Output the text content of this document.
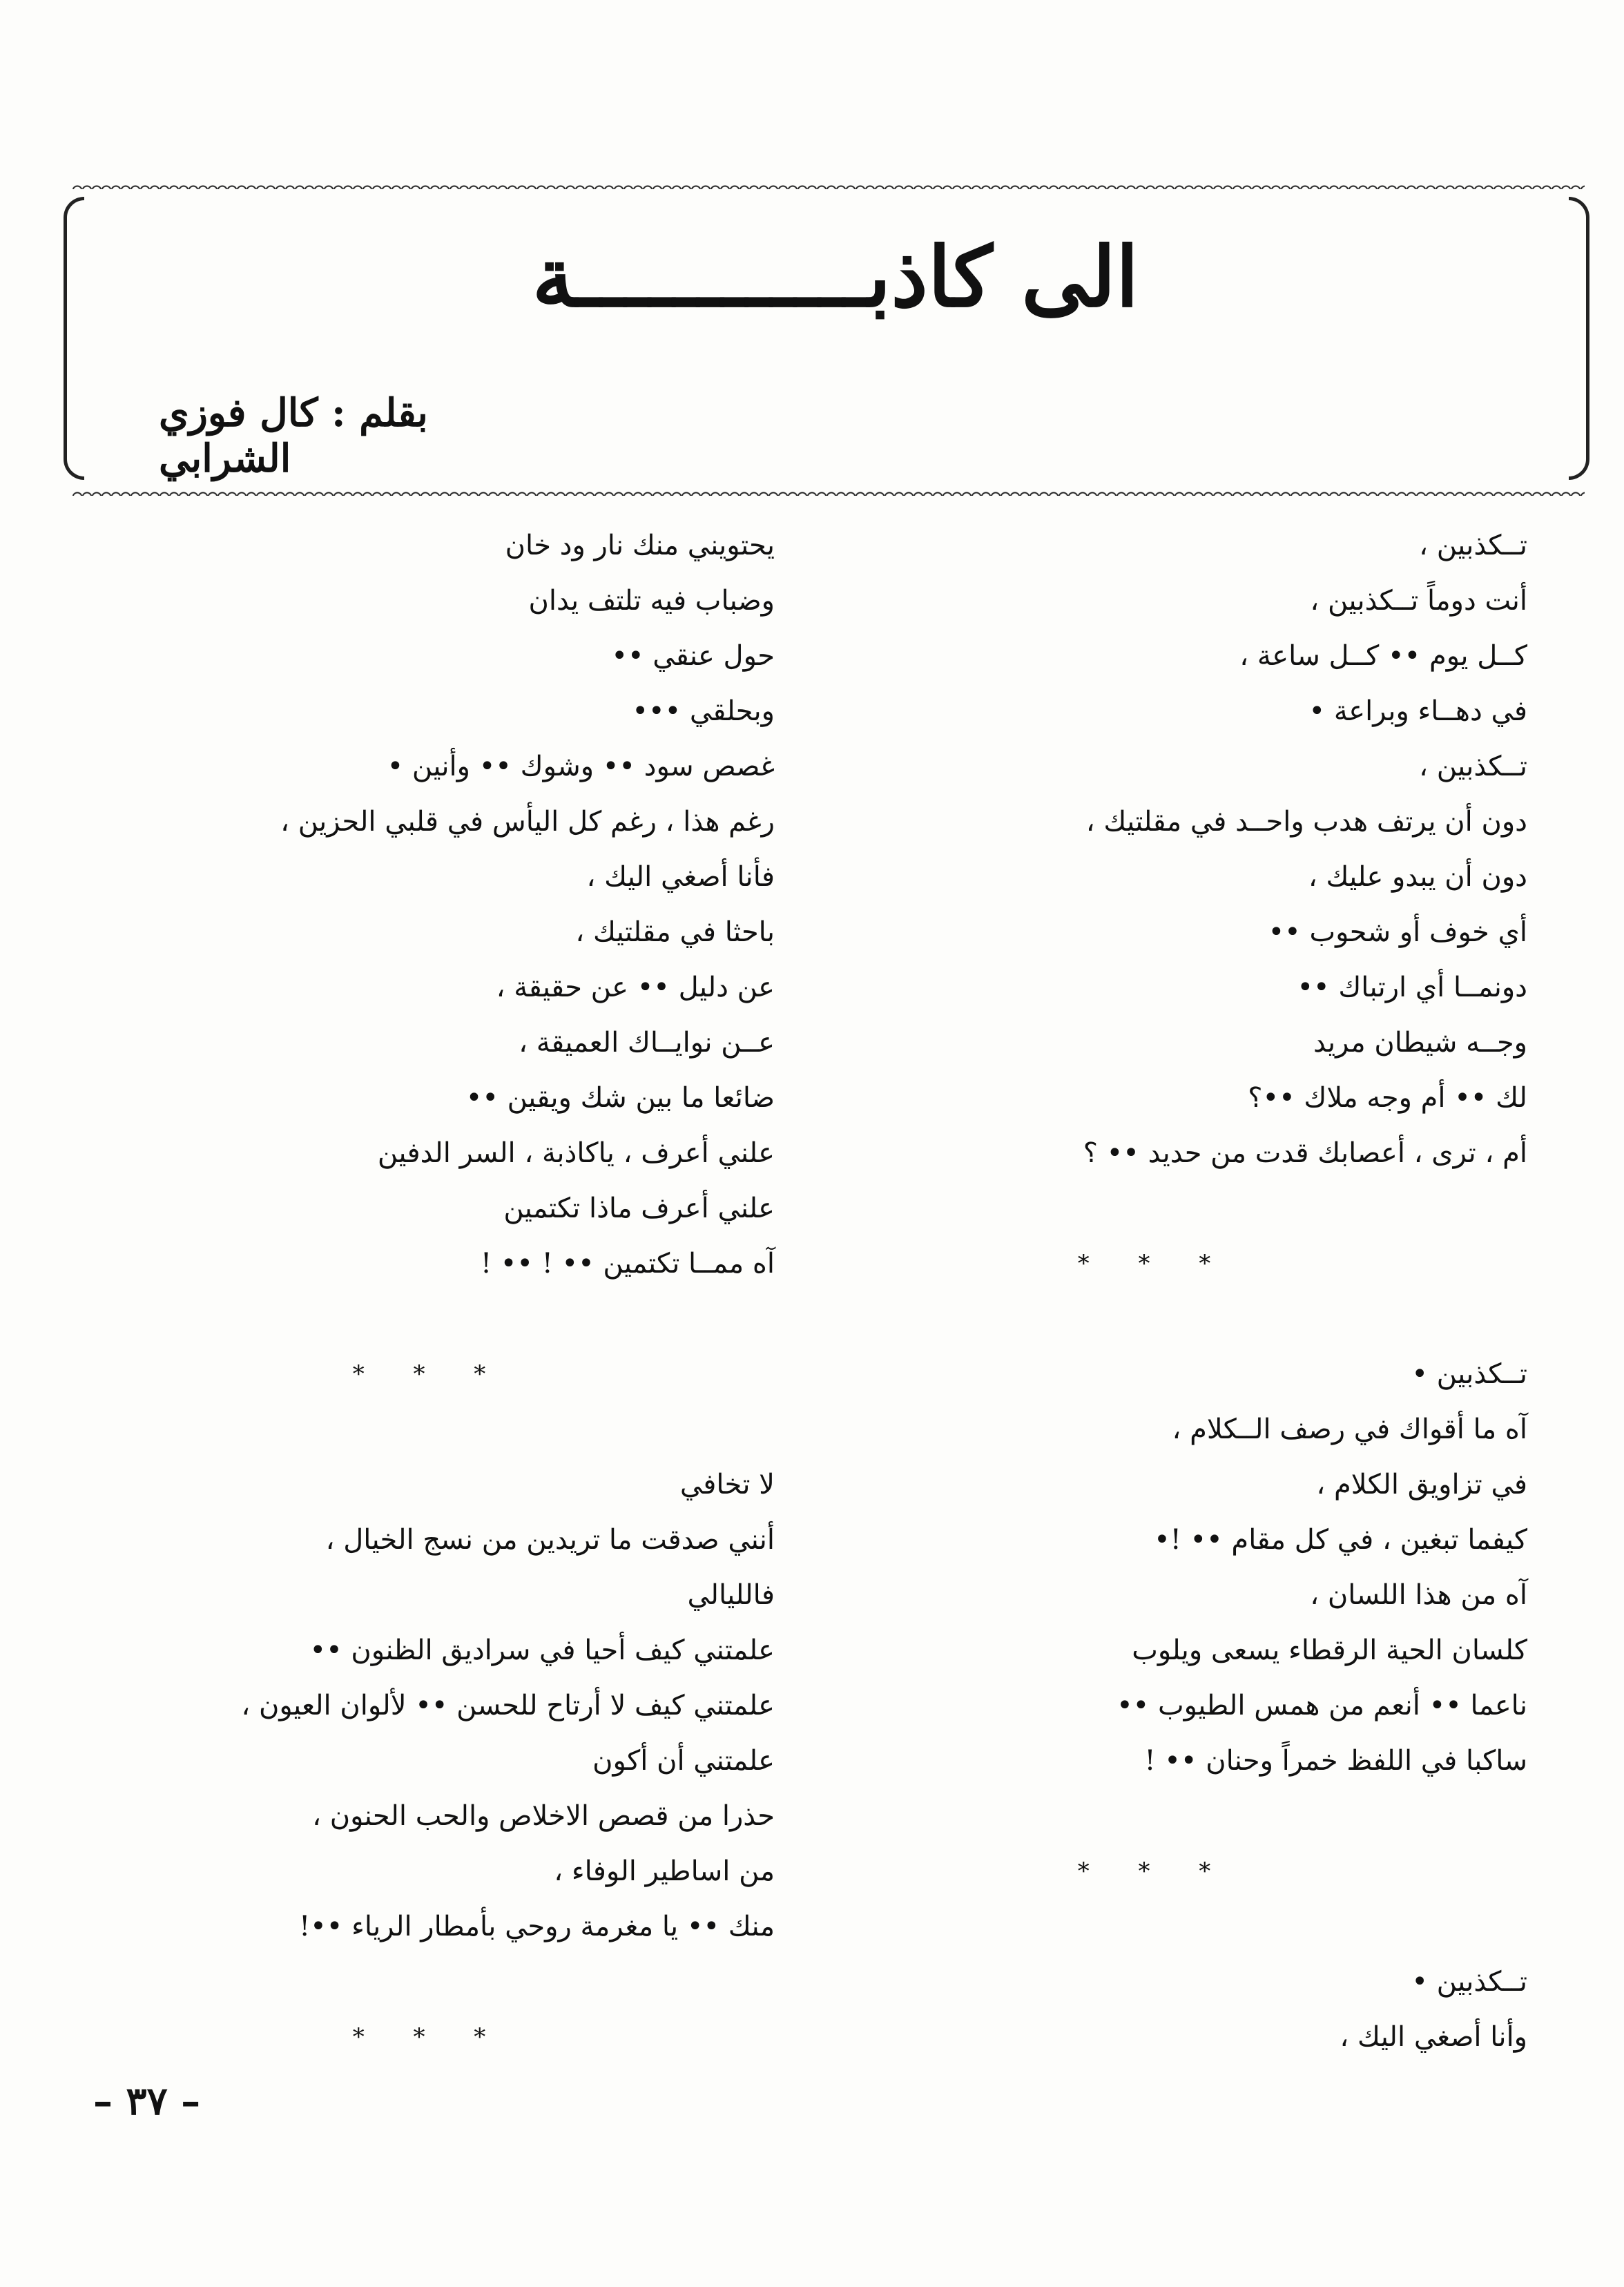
الى كاذبــــــــــــة
بقلم : كال فوزي الشرابي
تــكذبين ،
أنت دوماً تــكذبين ،
كــل يوم •• كــل ساعة ،
في دهــاء وبراعة •
تــكذبين ،
دون أن يرتف هدب واحــد في مقلتيك ،
دون أن يبدو عليك ،
أي خوف أو شحوب ••
دونمــا أي ارتباك ••
وجــه شيطان مريد
لك •• أم وجه ملاك ••؟
أم ، ترى ، أعصابك قدت من حديد •• ؟
* * *
تــكذبين •
آه ما أقواك في رصف الــكلام ،
في تزاويق الكلام ،
كيفما تبغين ، في كل مقام •• !•
آه من هذا اللسان ،
كلسان الحية الرقطاء يسعى ويلوب
ناعما •• أنعم من همس الطيوب ••
ساكبا في اللفظ خمراً وحنان •• !
* * *
تــكذبين •
وأنا أصغي اليك ،
يحتويني منك نار ود خان
وضباب فيه تلتف يدان
حول عنقي ••
وبحلقي •••
غصص سود •• وشوك •• وأنين •
رغم هذا ، رغم كل اليأس في قلبي الحزين ،
فأنا أصغي اليك ،
باحثا في مقلتيك ،
عن دليل •• عن حقيقة ،
عــن نوايــاك العميقة ،
ضائعا ما بين شك ويقين ••
علني أعرف ، ياكاذبة ، السر الدفين
علني أعرف ماذا تكتمين
آه ممــا تكتمين •• ! •• !
* * *
لا تخافي
أنني صدقت ما تريدين من نسج الخيال ،
فالليالي
علمتني كيف أحيا في سراديق الظنون ••
علمتني كيف لا أرتاح للحسن •• لألوان العيون ،
علمتني أن أكون
حذرا من قصص الاخلاص والحب الحنون ،
من اساطير الوفاء ،
منك •• يا مغرمة روحي بأمطار الرياء ••!
* * *
– ٣٧ –
